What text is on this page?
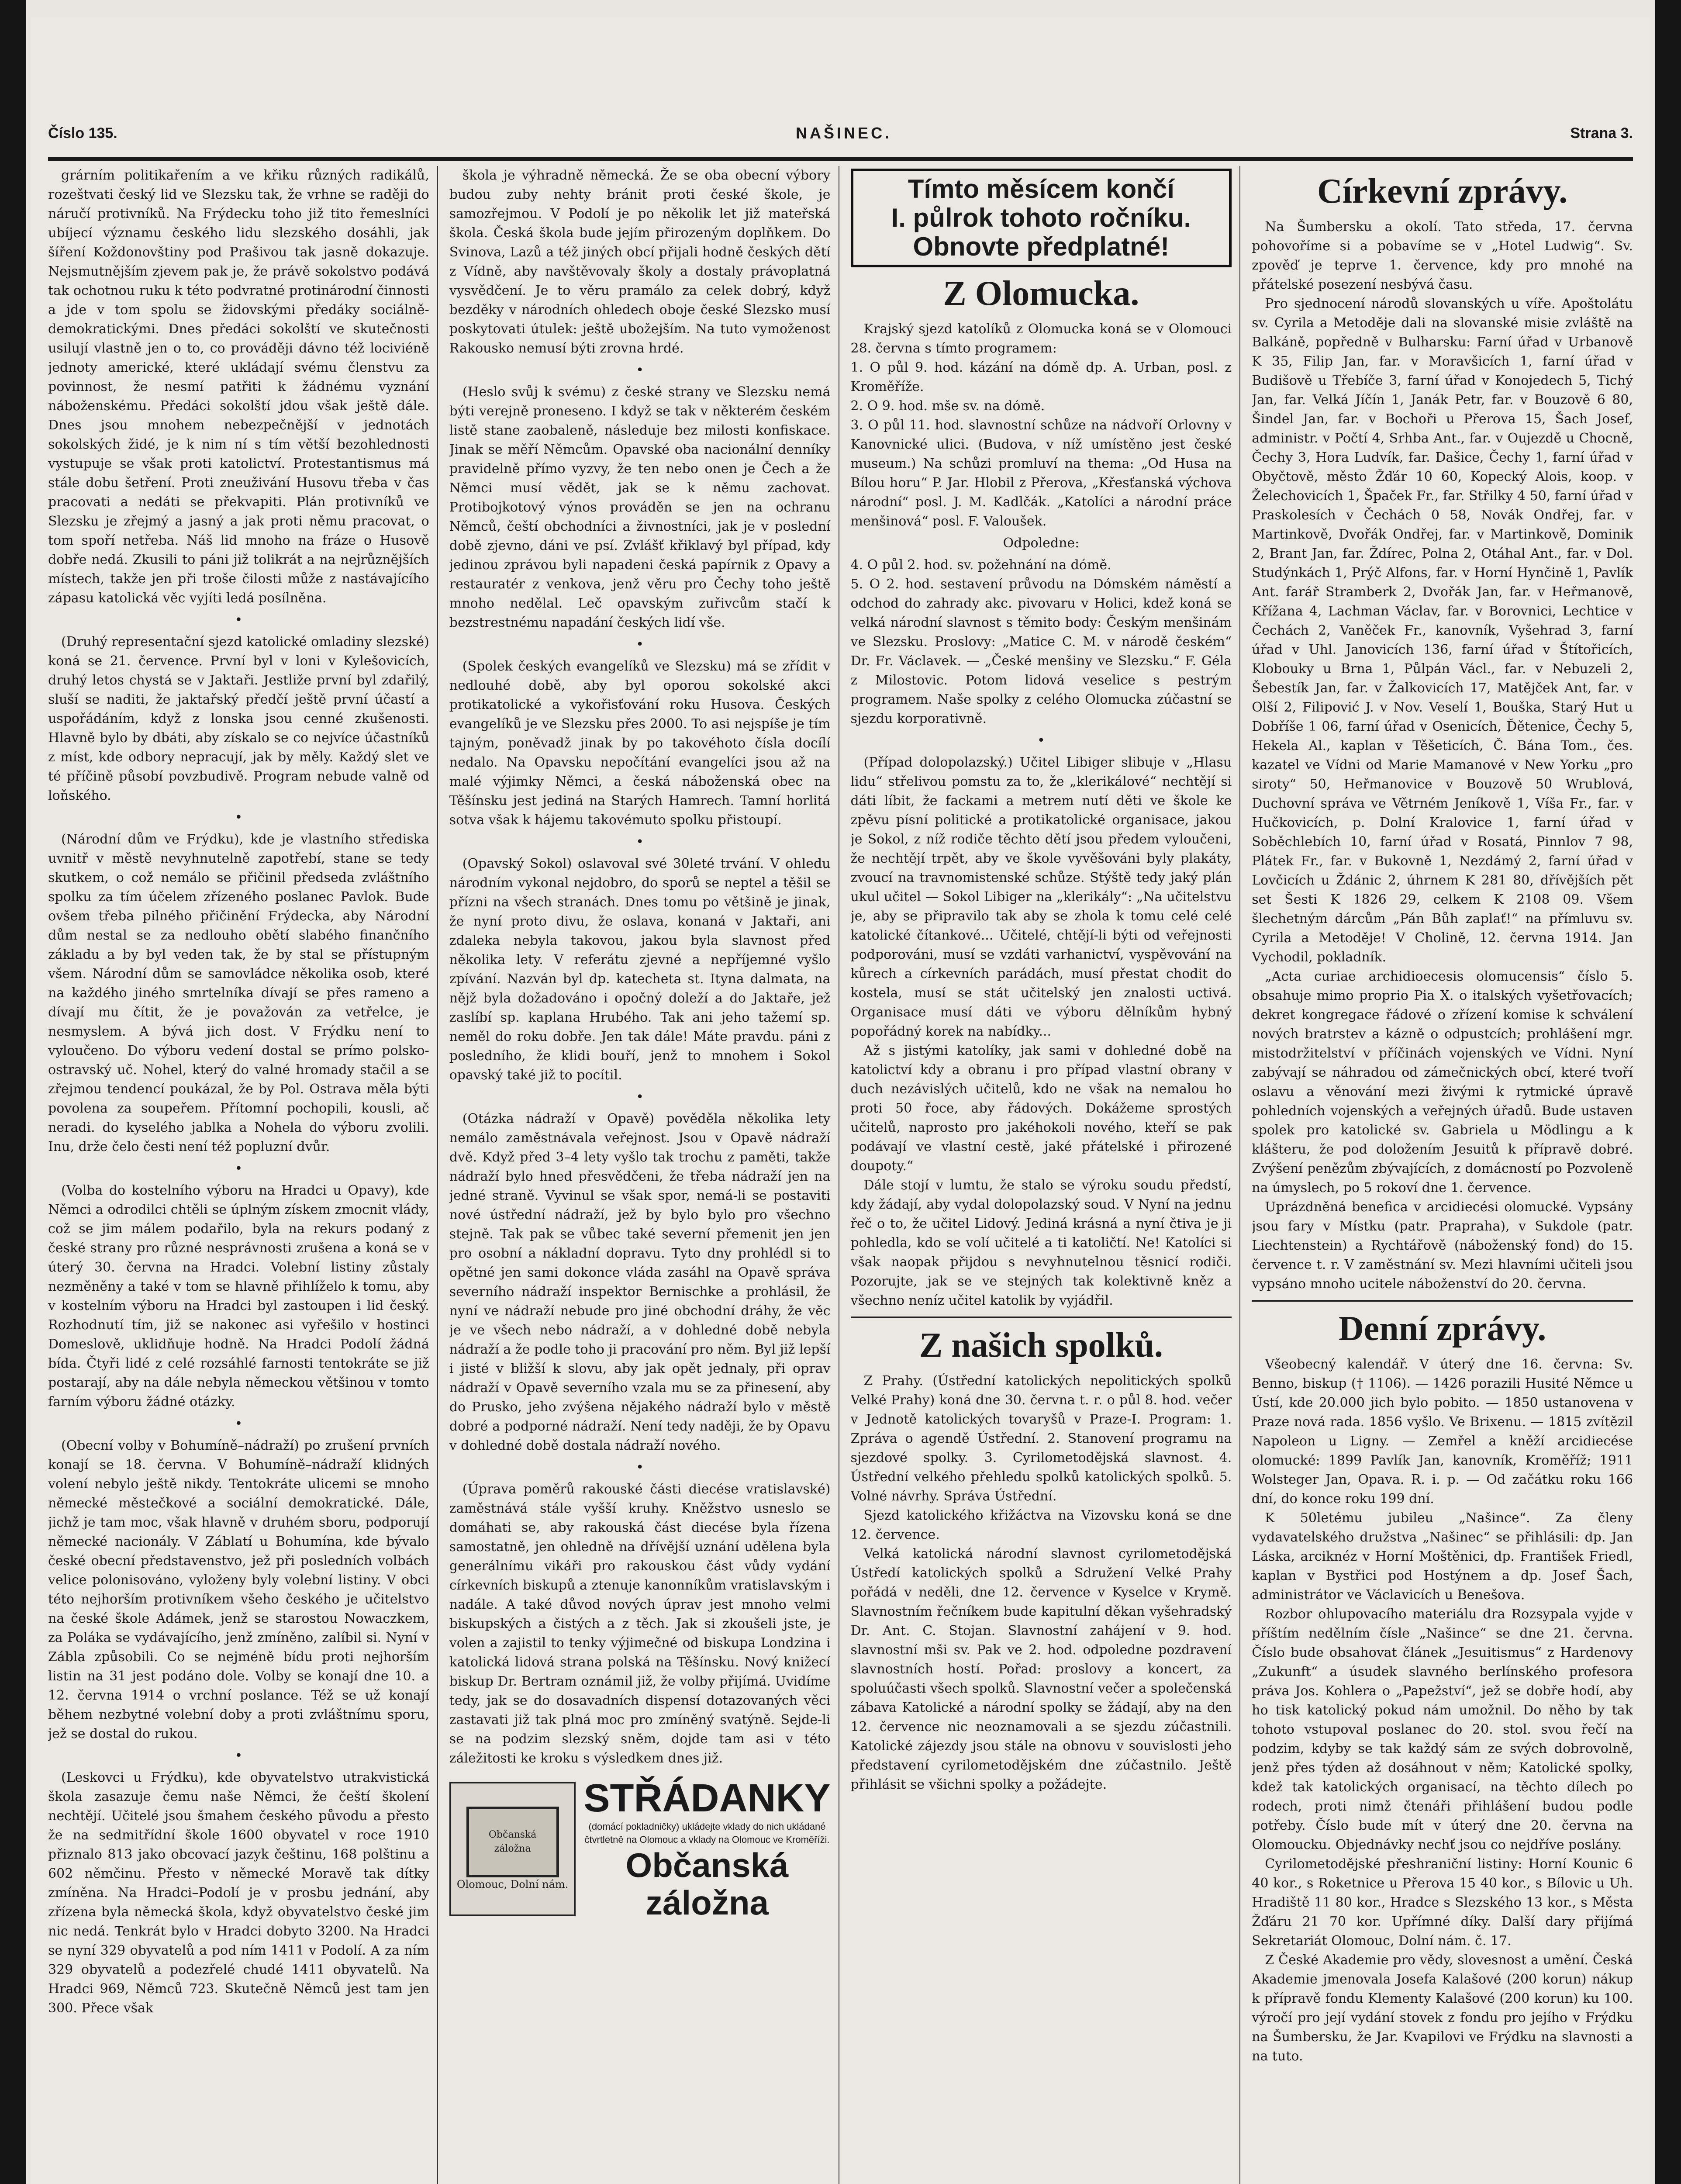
Číslo 135.	NAŠINEC.	Strana 3.

grárním politikařením a ve křiku různých radikálů, rozeštvati český lid ve Slezsku tak, že vrhne se raději do náručí protivníků. Na Frýdecku toho již tito řemeslníci ubíjecí významu českého lidu slezského dosáhli, jak šíření Koždonovštiny pod Prašivou tak jasně dokazuje. Nejsmutnějším zjevem pak je, že právě sokolstvo podává tak ochotnou ruku k této podvratné protinárodní činnosti a jde v tom spolu se židovskými předáky sociálně-demokratickými. Dnes předáci sokolští ve skutečnosti usilují vlastně jen o to, co prováději dávno též lociviéně jednoty americké, které ukládají svému členstvu za povinnost, že nesmí patřiti k žádnému vyznání náboženskému. Předáci sokolští jdou však ještě dále. Dnes jsou mnohem nebezpečnější v jednotách sokolských židé, je k nim ní s tím větší bezohlednosti vystupuje se však proti katolictví. Protestantismus má stále dobu šetření. Proti zneuživání Husovu třeba v čas pracovati a nedáti se překvapiti. Plán protivníků ve Slezsku je zřejmý a jasný a jak proti němu pracovat, o tom spoří netřeba. Náš lid mnoho na fráze o Husově dobře nedá. Zkusili to páni již tolikrát a na nejrůznějších místech, takže jen při troše čilosti může z nastávajícího zápasu katolická věc vyjíti ledá posílněna.

•

(Druhý representační sjezd katolické omladiny slezské) koná se 21. července. První byl v loni v Kylešovicích, druhý letos chystá se v Jaktaři. Jestliže první byl zdařilý, sluší se naditi, že jaktařský předčí ještě první účastí a uspořádáním, když z lonska jsou cenné zkušenosti. Hlavně bylo by dbáti, aby získalo se co nejvíce účastníků z míst, kde odbory nepracují, jak by měly. Každý slet ve té příčině působí povzbudivě. Program nebude valně od loňského.

•

(Národní dům ve Frýdku), kde je vlastního střediska uvnitř v městě nevyhnutelně zapotřebí, stane se tedy skutkem, o což nemálo se přičinil předseda zvláštního spolku za tím účelem zřízeného poslanec Pavlok. Bude ovšem třeba pilného přičinění Frýdecka, aby Národní dům nestal se za nedlouho obětí slabého finančního základu a by byl veden tak, že by stal se přístupným všem. Národní dům se samovládce několika osob, které na každého jiného smrtelníka dívají se přes rameno a dívají mu čítit, že je považován za vetřelce, je nesmyslem. A bývá jich dost. V Frýdku není to vyloučeno. Do výboru vedení dostal se prímo polsko-ostravský uč. Nohel, který do valné hromady stačil a se zřejmou tendencí poukázal, že by Pol. Ostrava měla býti povolena za soupeřem. Přítomní pochopili, kousli, ač neradi. do kyselého jablka a Nohela do výboru zvolili. Inu, drže čelo česti není též popluzní dvůr.

•

(Volba do kostelního výboru na Hradci u Opavy), kde Němci a odrodilci chtěli se úplným získem zmocnit vlády, což se jim málem podařilo, byla na rekurs podaný z české strany pro různé nesprávnosti zrušena a koná se v úterý 30. června na Hradci. Volební listiny zůstaly nezměněny a také v tom se hlavně přihlíželo k tomu, aby v kostelním výboru na Hradci byl zastoupen i lid český. Rozhodnutí tím, již se nakonec asi vyřešilo v hostinci Domeslově, uklidňuje hodně. Na Hradci Podolí žádná bída. Čtyři lidé z celé rozsáhlé farnosti tentokráte se již postarají, aby na dále nebyla německou většinou v tomto farním výboru žádné otázky.

•

(Obecní volby v Bohumíně–nádraží) po zrušení prvních konají se 18. června. V Bohumíně–nádraží klidných volení nebylo ještě nikdy. Tentokráte ulicemi se mnoho německé městečkové a sociální demokratické. Dále, jichž je tam moc, však hlavně v druhém sboru, podporují německé nacionály. V Záblatí u Bohumína, kde bývalo české obecní představenstvo, jež při posledních volbách velice polonisováno, vyloženy byly volební listiny. V obci této nejhorším protivníkem všeho českého je učitelstvo na české škole Adámek, jenž se starostou Nowaczkem, za Poláka se vydávajícího, jenž zmíněno, zalíbil si. Nyní v Zábla způsobili. Co se nejméně bídu proti nejhorším listin na 31 jest podáno dole. Volby se konají dne 10. a 12. června 1914 o vrchní poslance. Též se už konají během nezbytné volební doby a proti zvláštnímu sporu, jež se dostal do rukou.

•

(Leskovci u Frýdku), kde obyvatelstvo utrakvistická škola zasazuje čemu naše Němci, že čeští školení nechtějí. Učitelé jsou šmahem českého původu a přesto že na sedmitřídní škole 1600 obyvatel v roce 1910 přiznalo 813 jako obcovací jazyk češtinu, 168 polštinu a 602 němčinu. Přesto v německé Moravě tak dítky zmíněna. Na Hradci–Podolí je v prosbu jednání, aby zřízena byla německá škola, když obyvatelstvo české jim nic nedá. Tenkrát bylo v Hradci dobyto 3200. Na Hradci se nyní 329 obyvatelů a pod ním 1411 v Podolí. A za ním 329 obyvatelů a podezřelé chudé 1411 obyvatelů. Na Hradci 969, Němců 723. Skutečně Němců jest tam jen 300. Přece však

škola je výhradně německá. Že se oba obecní výbory budou zuby nehty bránit proti české škole, je samozřejmou. V Podolí je po několik let již mateřská škola. Česká škola bude jejím přirozeným doplňkem. Do Svinova, Lazů a též jiných obcí přijali hodně českých dětí z Vídně, aby navštěvovaly školy a dostaly právoplatná vysvědčení. Je to věru pramálo za celek dobrý, když bezděky v národních ohledech oboje české Slezsko musí poskytovati útulek: ještě ubožejším. Na tuto vymoženost Rakousko nemusí býti zrovna hrdé.

•

(Heslo svůj k svému) z české strany ve Slezsku nemá býti verejně proneseno. I když se tak v některém českém listě stane zaobaleně, následuje bez milosti konfiskace. Jinak se měří Němcům. Opavské oba nacionální denníky pravidelně přímo vyzvy, že ten nebo onen je Čech a že Němci musí vědět, jak se k němu zachovat. Protibojkotový výnos prováděn se jen na ochranu Němců, čeští obchodníci a živnostníci, jak je v poslední době zjevno, dáni ve psí. Zvlášť křiklavý byl případ, kdy jedinou zprávou byli napadeni česká papírnik z Opavy a restauratér z venkova, jenž věru pro Čechy toho ještě mnoho nedělal. Leč opavským zuřivcům stačí k bezstrestnému napadání českých lidí vše.

•

(Spolek českých evangelíků ve Slezsku) má se zřídit v nedlouhé době, aby byl oporou sokolské akci protikatolické a vykořisťování roku Husova. Českých evangelíků je ve Slezsku přes 2000. To asi nejspíše je tím tajným, poněvadž jinak by po takovéhoto čísla docílí nedalo. Na Opavsku nepočítání evangelíci jsou až na malé výjimky Němci, a česká náboženská obec na Těšínsku jest jediná na Starých Hamrech. Tamní horlitá sotva však k hájemu takovémuto spolku přistoupí.

•

(Opavský Sokol) oslavoval své 30leté trvání. V ohledu národním vykonal nejdobro, do sporů se neptel a těšil se přízni na všech stranách. Dnes tomu po většině je jinak, že nyní proto divu, že oslava, konaná v Jaktaři, ani zdaleka nebyla takovou, jakou byla slavnost před několika lety. V referátu zjevné a nepříjemné vyšlo zpívání. Nazván byl dp. katecheta st. Ityna dalmata, na nějž byla dožadováno i opočný doleží a do Jaktaře, jež zaslíbí sp. kaplana Hrubého. Tak ani jeho tažemí sp. neměl do roku dobře. Jen tak dále! Máte pravdu. páni z posledního, že klidi bouří, jenž to mnohem i Sokol opavský také již to pocítil.

•

(Otázka nádraží v Opavě) pověděla několika lety nemálo zaměstnávala veřejnost. Jsou v Opavě nádraží dvě. Když před 3–4 lety vyšlo tak trochu z paměti, takže nádraží bylo hned přesvědčeni, že třeba nádraží jen na jedné straně. Vyvinul se však spor, nemá-li se postaviti nové ústřední nádraží, jež by bylo bylo pro všechno stejně. Tak pak se vůbec také severní přemenit jen jen pro osobní a nákladní dopravu. Tyto dny prohlédl si to opětné jen sami dokonce vláda zasáhl na Opavě správa severního nádraží inspektor Bernischke a prohlásil, že nyní ve nádraží nebude pro jiné obchodní dráhy, že věc je ve všech nebo nádraží, a v dohledné době nebyla nádraží a že podle toho ji pracování pro něm. Byl již lepší i jisté v bližší k slovu, aby jak opět jednaly, při oprav nádraží v Opavě severního vzala mu se za přinesení, aby do Prusko, jeho zvýšena nějakého nádraží bylo v městě dobré a podporné nádraží. Není tedy naději, že by Opavu v dohledné době dostala nádraží nového.

•

(Úprava poměrů rakouské části diecése vratislavské) zaměstnává stále vyšší kruhy. Kněžstvo usneslo se domáhati se, aby rakouská část diecése byla řízena samostatně, jen ohledně na dřívější uznání udělena byla generálnímu vikáři pro rakouskou část vůdy vydání církevních biskupů a ztenuje kanonníkům vratislavským i nadále. A také důvod nových úprav jest mnoho velmi biskupských a čistých a z těch. Jak si zkoušeli jste, je volen a zajistil to tenky výjimečné od biskupa Londzina i katolická lidová strana polská na Těšínsku. Nový knižecí biskup Dr. Bertram oznámil již, že volby přijímá. Uvidíme tedy, jak se do dosavadních dispensí dotazovaných věci zastavati již tak plná moc pro zmíněný svatýně. Sejde-li se na podzim slezský sněm, dojde tam asi v této záležitosti ke kroku s výsledkem dnes již.

Občanská záložna
Olomouc, Dolní nám.
STŘÁDANKY
(domácí pokladničky) ukládejte vklady do nich ukládané čtvrtletně na Olomouc a vklady na Olomouc ve Kroměříži.
Občanská záložna
Tímto měsícem končí
I. půlrok tohoto ročníku.
Obnovte předplatné!
Z Olomucka.

Krajský sjezd katolíků z Olomucka koná se v Olomouci 28. června s tímto programem:

1. O půl 9. hod. kázání na dómě dp. A. Urban, posl. z Kroměříže.
2. O 9. hod. mše sv. na dómě.
3. O půl 11. hod. slavnostní schůze na nádvoří Orlovny v Kanovnické ulici. (Budova, v níž umístěno jest české museum.) Na schůzi promluví na thema: „Od Husa na Bílou horu“ P. Jar. Hlobil z Přerova, „Křesťanská výchova národní“ posl. J. M. Kadlčák. „Katolíci a národní práce menšinová“ posl. F. Valoušek.
Odpoledne:
4. O půl 2. hod. sv. požehnání na dómě.
5. O 2. hod. sestavení průvodu na Dómském náměstí a odchod do zahrady akc. pivovaru v Holici, kdež koná se velká národní slavnost s těmito body: Českým menšinám ve Slezsku. Proslovy: „Matice C. M. v národě českém“ Dr. Fr. Václavek. — „České menšiny ve Slezsku.“ F. Géla z Milostovic. Potom lidová veselice s pestrým programem. Naše spolky z celého Olomucka zúčastní se sjezdu korporativně.
•

(Případ dolopolazský.) Učitel Libiger slibuje v „Hlasu lidu“ střelivou pomstu za to, že „klerikálové“ nechtějí si dáti líbit, že fackami a metrem nutí děti ve škole ke zpěvu písní politické a protikatolické organisace, jakou je Sokol, z níž rodiče těchto dětí jsou předem vyloučeni, že nechtějí trpět, aby ve škole vyvěšováni byly plakáty, zvoucí na travnomistenské schůze. Stýště tedy jaký plán ukul učitel — Sokol Libiger na „klerikály“: „Na učitelstvu je, aby se připravilo tak aby se zhola k tomu celé celé katolické čítankové... Učitelé, chtějí-li býti od veřejnosti podporováni, musí se vzdáti varhanictví, vyspěvování na kůrech a církevních parádách, musí přestat chodit do kostela, musí se stát učitelský jen znalosti uctivá. Organisace musí dáti ve výboru dělníkům hybný popořádný korek na nabídky...

Až s jistými katolíky, jak sami v dohledné době na katolictví kdy a obranu i pro případ vlastní obrany v duch nezávislých učitelů, kdo ne však na nemalou ho proti 50 řoce, aby řádových. Dokážeme sprostých učitelů, naprosto pro jakéhokoli nového, kteří se pak podávají ve vlastní cestě, jaké přátelské i přirozené doupoty.“

Dále stojí v lumtu, že stalo se výroku soudu předstí, kdy žádají, aby vydal dolopolazský soud. V Nyní na jednu řeč o to, že učitel Lidový. Jediná krásná a nyní čtiva je ji pohledla, kdo se volí učitelé a ti katoličtí. Ne! Katolíci si však naopak přijdou s nevyhnutelnou těsnicí rodiči. Pozorujte, jak se ve stejných tak kolektivně kněz a všechno neníz učitel katolik by vyjádřil.

Z našich spolků.

Z Prahy. (Ústřední katolických nepolitických spolků Velké Prahy) koná dne 30. června t. r. o půl 8. hod. večer v Jednotě katolických tovaryšů v Praze-I. Program: 1. Zpráva o agendě Ústřední. 2. Stanovení programu na sjezdové spolky. 3. Cyrilometodějská slavnost. 4. Ústřední velkého přehledu spolků katolických spolků. 5. Volné návrhy. Správa Ústřední.

Sjezd katolického křižáctva na Vizovsku koná se dne 12. července.

Velká katolická národní slavnost cyrilometodějská Ústředí katolických spolků a Sdružení Velké Prahy pořádá v neděli, dne 12. července v Kyselce v Krymě. Slavnostním řečníkem bude kapitulní děkan vyšehradský Dr. Ant. C. Stojan. Slavnostní zahájení v 9. hod. slavnostní mši sv. Pak ve 2. hod. odpoledne pozdravení slavnostních hostí. Pořad: proslovy a koncert, za spoluúčasti všech spolků. Slavnostní večer a společenská zábava Katolické a národní spolky se žádají, aby na den 12. července nic neoznamovali a se sjezdu zúčastnili. Katolické zájezdy jsou stále na obnovu v souvislosti jeho představení cyrilometodějském dne zúčastnilo. Ještě přihlásit se všichni spolky a požádejte.

Církevní zprávy.

Na Šumbersku a okolí. Tato středa, 17. června pohovoříme si a pobavíme se v „Hotel Ludwig“. Sv. zpověď je teprve 1. července, kdy pro mnohé na přátelské posezení nesbývá času.

Pro sjednocení národů slovanských u víře. Apoštolátu sv. Cyrila a Metoděje dali na slovanské misie zvláště na Balkáně, popředně v Bulharsku: Farní úřad v Urbanově K 35, Filip Jan, far. v Moravšicích 1, farní úřad v Budišově u Třebíče 3, farní úřad v Konojedech 5, Tichý Jan, far. Velká Jíčín 1, Janák Petr, far. v Bouzově 6 80, Šindel Jan, far. v Bochoři u Přerova 15, Šach Josef, administr. v Počtí 4, Srhba Ant., far. v Oujezdě u Chocně, Čechy 3, Hora Ludvík, far. Dašice, Čechy 1, farní úřad v Obyčtově, město Žďár 10 60, Kopecký Alois, koop. v Želechovicích 1, Špaček Fr., far. Střilky 4 50, farní úřad v Praskolesích v Čechách 0 58, Novák Ondřej, far. v Martinkově, Dvořák Ondřej, far. v Martinkově, Dominik 2, Brant Jan, far. Ždírec, Polna 2, Otáhal Ant., far. v Dol. Studýnkách 1, Prýč Alfons, far. v Horní Hynčině 1, Pavlík Ant. farář Stramberk 2, Dvořák Jan, far. v Heřmanově, Křížana 4, Lachman Václav, far. v Borovnici, Lechtice v Čechách 2, Vaněček Fr., kanovník, Vyšehrad 3, farní úřad v Uhl. Janovicích 136, farní úřad v Štítořicích, Klobouky u Brna 1, Půlpán Václ., far. v Nebuzeli 2, Šebestík Jan, far. v Žalkovicích 17, Matějček Ant, far. v Olší 2, Filipović J. v Nov. Veselí 1, Bouška, Starý Hut u Dobříše 1 06, farní úřad v Osenicích, Ďětenice, Čechy 5, Hekela Al., kaplan v Těšeticích, Č. Bána Tom., čes. kazatel ve Vídni od Marie Mamanové v New Yorku „pro siroty“ 50, Heřmanovice v Bouzově 50 Wrublová, Duchovní správa ve Větrném Jeníkově 1, Víša Fr., far. v Hučkovicích, p. Dolní Kralovice 1, farní úřad v Soběchlebích 10, farní úřad v Rosatá, Pinnlov 7 98, Plátek Fr., far. v Bukovně 1, Nezdámý 2, farní úřad v Lovčicích u Ždánic 2, úhrnem K 281 80, dřívějších pět set Šesti K 1826 29, celkem K 2108 09. Všem šlechetným dárcům „Pán Bůh zaplať!“ na přímluvu sv. Cyrila a Metoděje! V Cholině, 12. června 1914. Jan Vychodil, pokladník.

„Acta curiae archidioecesis olomucensis“ číslo 5. obsahuje mimo proprio Pia X. o italských vyšetřovacích; dekret kongregace řádové o zřízení komise k schválení nových bratrstev a kázně o odpustcích; prohlášení mgr. mistodržitelství v příčinách vojenských ve Vídni. Nyní zabývají se náhradou od zámečnických obcí, které tvoří oslavu a věnování mezi živými k rytmické úpravě pohledních vojenských a veřejných úřadů. Bude ustaven spolek pro katolické sv. Gabriela u Mödlingu a k klášteru, že pod doložením Jesuitů k přípravě dobré. Zvýšení penězům zbývajících, z domácností po Pozvoleně na úmyslech, po 5 rokoví dne 1. července.

Uprázdněná benefica v arcidiecési olomucké. Vypsány jsou fary v Místku (patr. Prapraha), v Sukdole (patr. Liechtenstein) a Rychtářově (náboženský fond) do 15. července t. r. V zaměstnání sv. Mezi hlavními učiteli jsou vypsáno mnoho ucitele náboženství do 20. června.

Denní zprávy.

Všeobecný kalendář. V úterý dne 16. června: Sv. Benno, biskup († 1106). — 1426 porazili Husité Němce u Ústí, kde 20.000 jich bylo pobito. — 1850 ustanovena v Praze nová rada. 1856 vyšlo. Ve Brixenu. — 1815 zvítězil Napoleon u Ligny. — Zemřel a kněží arcidiecése olomucké: 1899 Pavlík Jan, kanovník, Kroměříž; 1911 Wolsteger Jan, Opava. R. i. p. — Od začátku roku 166 dní, do konce roku 199 dní.

K 50letému jubileu „Našince“. Za členy vydavatelského družstva „Našinec“ se přihlásili: dp. Jan Láska, arciknéz v Horní Moštěnici, dp. František Friedl, kaplan v Bystřici pod Hostýnem a dp. Josef Šach, administrátor ve Václavicích u Benešova.

Rozbor ohlupovacího materiálu dra Rozsypala vyjde v příštím nedělním čísle „Našince“ se dne 21. června. Číslo bude obsahovat článek „Jesuitismus“ z Hardenovy „Zukunft“ a úsudek slavného berlínského profesora práva Jos. Kohlera o „Papežství“, jež se dobře hodí, aby ho tisk katolický pokud nám umožnil. Do něho by tak tohoto vstupoval poslanec do 20. stol. svou řečí na podzim, kdyby se tak každý sám ze svých dobrovolně, jenž přes týden až dosáhnout v něm; Katolické spolky, kdež tak katolických organisací, na těchto dílech po rodech, proti nimž čtenáři přihlášení budou podle potřeby. Číslo bude mít v úterý dne 20. června na Olomoucku. Objednávky nechť jsou co nejdříve poslány.

Cyrilometodějské přeshraniční listiny: Horní Kounic 6 40 kor., s Roketnice u Přerova 15 40 kor., s Bílovic u Uh. Hradiště 11 80 kor., Hradce s Slezského 13 kor., s Města Žďáru 21 70 kor. Upřímné díky. Další dary přijímá Sekretariát Olomouc, Dolní nám. č. 17.

Z České Akademie pro vědy, slovesnost a umění. Česká Akademie jmenovala Josefa Kalašové (200 korun) nákup k přípravě fondu Klementy Kalašové (200 korun) ku 100. výročí pro její vydání stovek z fondu pro jejího v Frýdku na Šumbersku, že Jar. Kvapilovi ve Frýdku na slavnosti a na tuto.
